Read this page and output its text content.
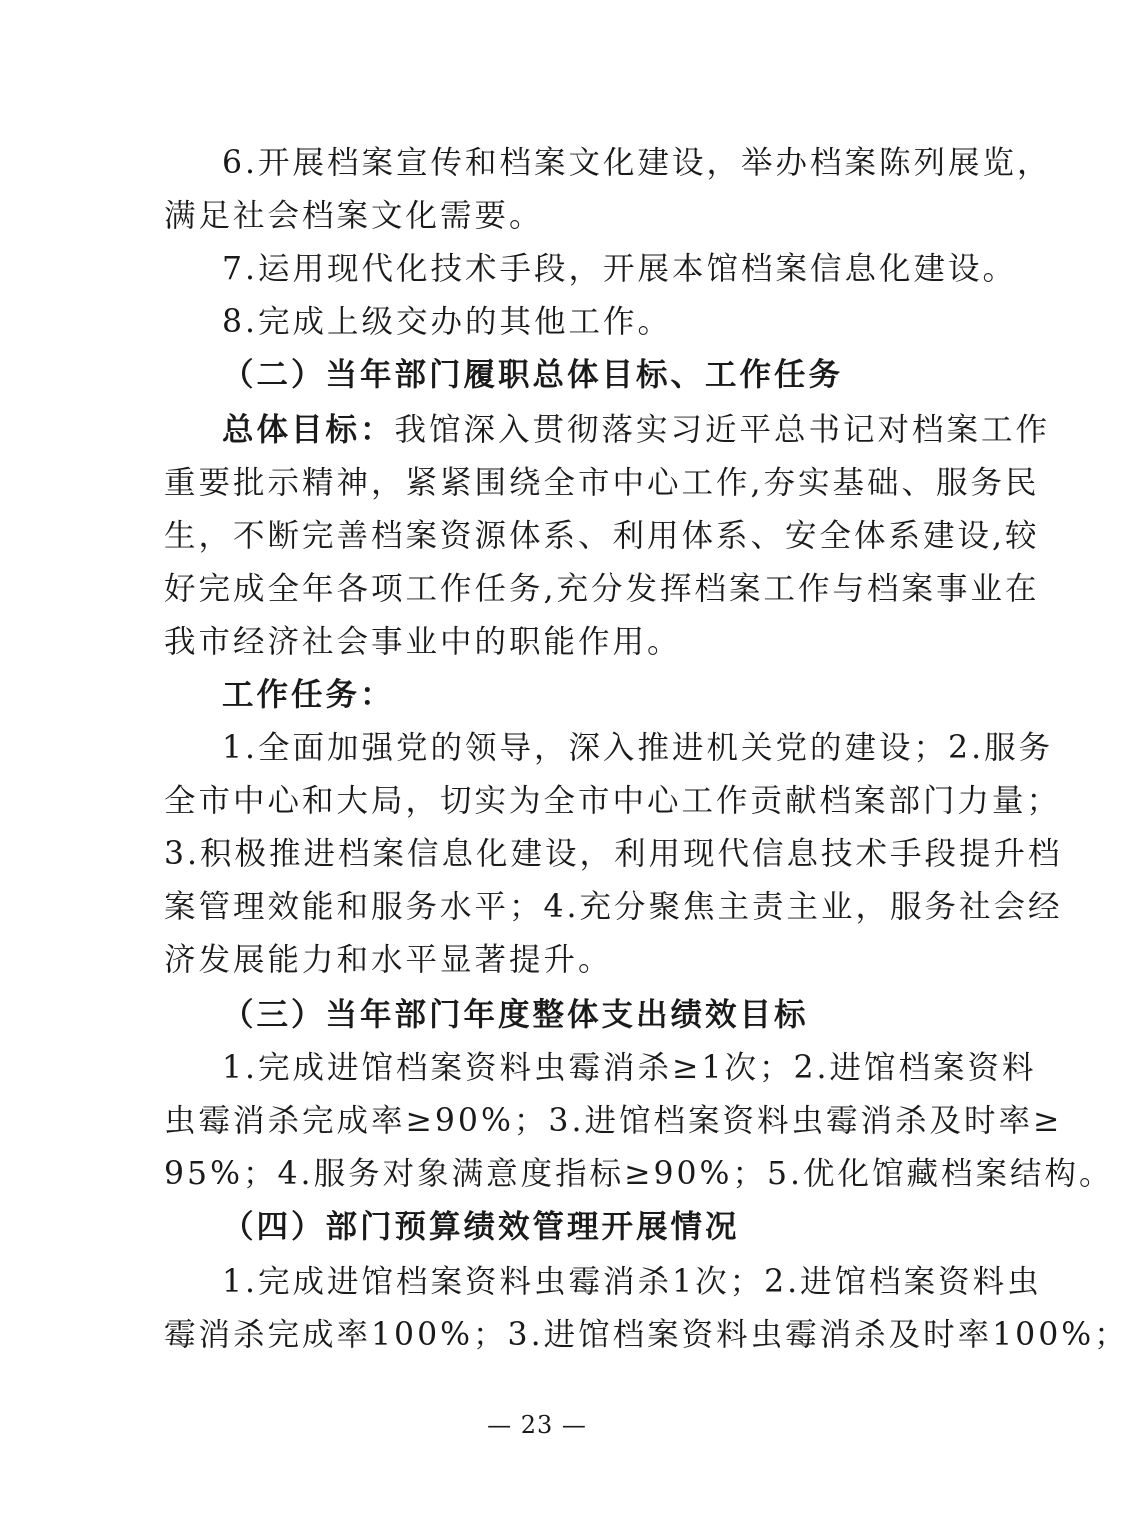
6.开展档案宣传和档案文化建设，举办档案陈列展览，
满足社会档案文化需要。
7.运用现代化技术手段，开展本馆档案信息化建设。
8.完成上级交办的其他工作。
（二）当年部门履职总体目标、工作任务
总体目标：我馆深入贯彻落实习近平总书记对档案工作
重要批示精神，紧紧围绕全市中心工作,夯实基础、服务民
生，不断完善档案资源体系、利用体系、安全体系建设,较
好完成全年各项工作任务,充分发挥档案工作与档案事业在
我市经济社会事业中的职能作用。
工作任务：
1.全面加强党的领导，深入推进机关党的建设；2.服务
全市中心和大局，切实为全市中心工作贡献档案部门力量；
3.积极推进档案信息化建设，利用现代信息技术手段提升档
案管理效能和服务水平；4.充分聚焦主责主业，服务社会经
济发展能力和水平显著提升。
（三）当年部门年度整体支出绩效目标
1.完成进馆档案资料虫霉消杀≥1次；2.进馆档案资料
虫霉消杀完成率≥90%；3.进馆档案资料虫霉消杀及时率≥
95%；4.服务对象满意度指标≥90%；5.优化馆藏档案结构。
（四）部门预算绩效管理开展情况
1.完成进馆档案资料虫霉消杀1次；2.进馆档案资料虫
霉消杀完成率100%；3.进馆档案资料虫霉消杀及时率100%；
— 23 —
